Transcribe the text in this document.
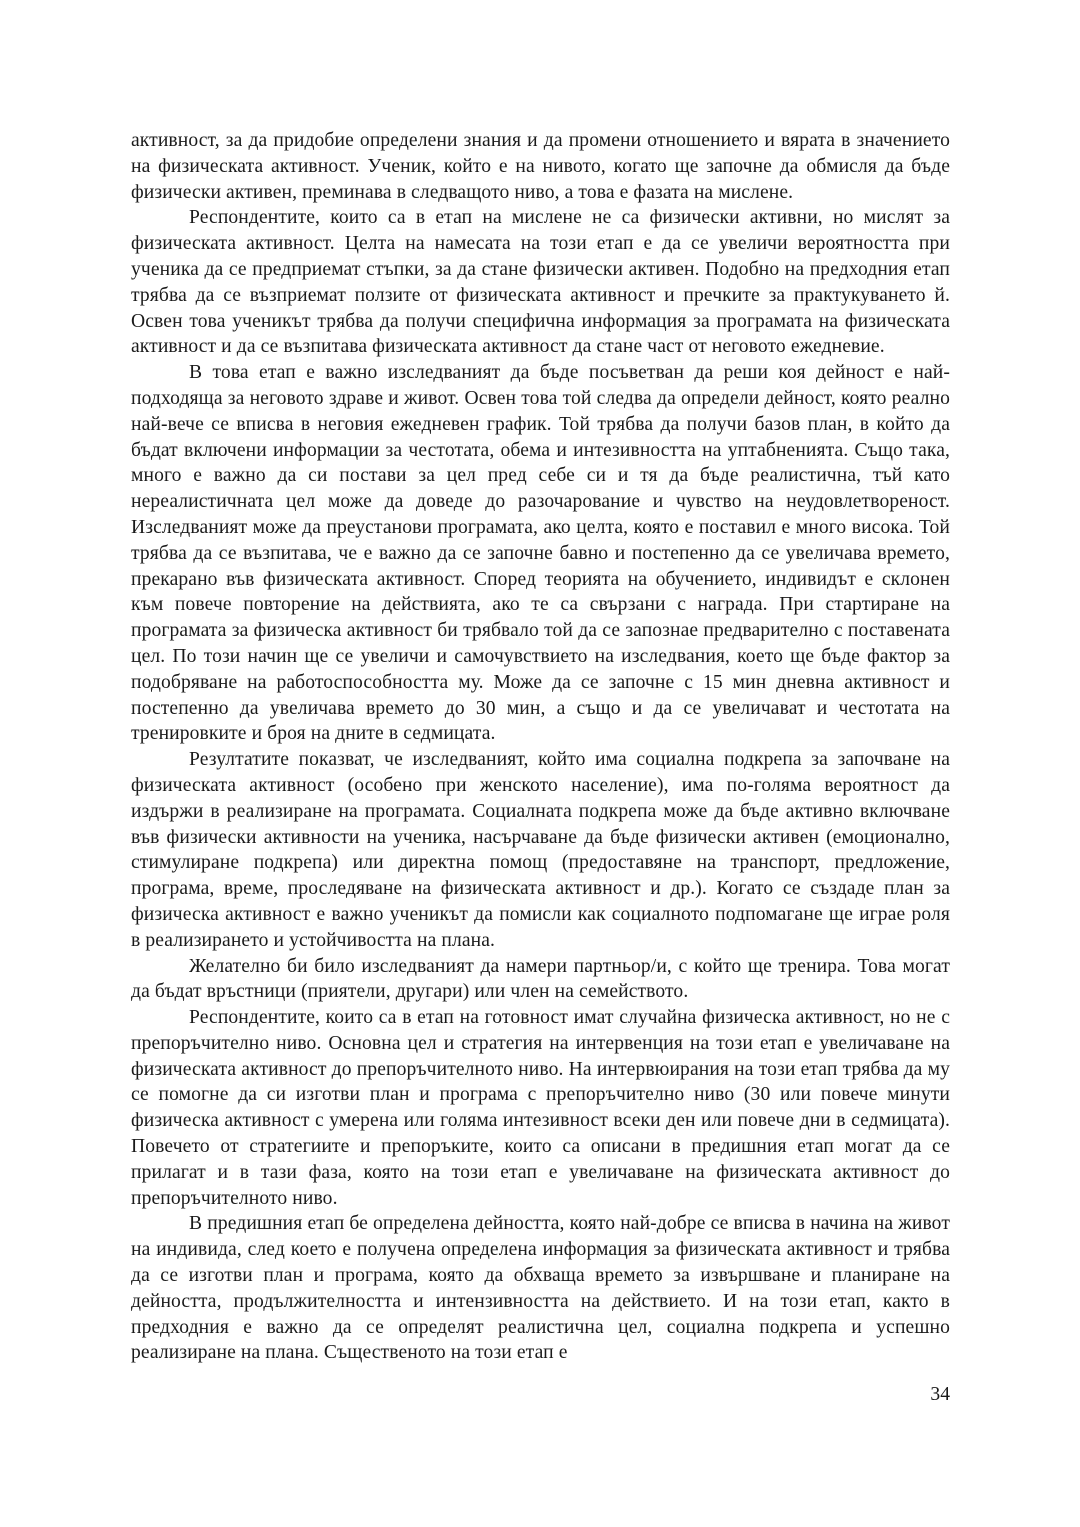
активност, за да придобие определени знания и да промени отношението и вярата в значението на физическата активност. Ученик, който е на нивото, когато ще започне да обмисля да бъде физически активен, преминава в следващото ниво, а това е фазата на мислене.

Респондентите, които са в етап на мислене не са физически активни, но мислят за физическата активност. Целта на намесата на този етап е да се увеличи вероятността при ученика да се предприемат стъпки, за да стане физически активен. Подобно на предходния етап трябва да се възприемат ползите от физическата активност и пречките за практукуването й. Освен това ученикът трябва да получи специфична информация за програмата на физическата активност и да се възпитава физическата активност да стане част от неговото ежедневие.

В това етап е важно изследваният да бъде посъветван да реши коя дейност е най-подходяща за неговото здраве и живот. Освен това той следва да определи дейност, която реално най-вече се вписва в неговия ежедневен график. Той трябва да получи базов план, в който да бъдат включени информации за честотата, обема и интезивността на уптабненията. Също така, много е важно да си постави за цел пред себе си и тя да бъде реалистична, тъй като нереалистичната цел може да доведе до разочарование и чувство на неудовлетвореност. Изследваният може да преустанови програмата, ако целта, която е поставил е много висока. Той трябва да се възпитава, че е важно да се започне бавно и постепенно да се увеличава времето, прекарано във физическата активност. Според теорията на обучението, индивидът е склонен към повече повторение на действията, ако те са свързани с награда. При стартиране на програмата за физическа активност би трябвало той да се запознае предварително с поставената цел. По този начин ще се увеличи и самочувствието на изследвания, което ще бъде фактор за подобряване на работоспособността му. Може да се започне с 15 мин дневна активност и постепенно да увеличава времето до 30 мин, а също и да се увеличават и честотата на тренировките и броя на дните в седмицата.

Резултатите показват, че изследваният, който има социална подкрепа за започване на физическата активност (особено при женското население), има по-голяма вероятност да издържи в реализиране на програмата. Социалната подкрепа може да бъде активно включване във физически активности на ученика, насърчаване да бъде физически активен (емоционално, стимулиране подкрепа) или директна помощ (предоставяне на транспорт, предложение, програма, време, проследяване на физическата активност и др.). Когато се създаде план за физическа активност е важно ученикът да помисли как социалното подпомагане ще играе роля в реализирането и устойчивостта на плана.

Желателно би било изследваният да намери партньор/и, с който ще тренира. Това могат да бъдат връстници (приятели, другари) или член на семейството.

Респондентите, които са в етап на готовност имат случайна физическа активност, но не с препоръчително ниво. Основна цел и стратегия на интервенция на този етап е увеличаване на физическата активност до препоръчителното ниво. На интервюирания на този етап трябва да му се помогне да си изготви план и програма с препоръчително ниво (30 или повече минути физическа активност с умерена или голяма интезивност всеки ден или повече дни в седмицата). Повечето от стратегиите и препоръките, които са описани в предишния етап могат да се прилагат и в тази фаза, която на този етап е увеличаване на физическата активност до препоръчителното ниво.

В предишния етап бе определена дейността, която най-добре се вписва в начина на живот на индивида, след което е получена определена информация за физическата активност и трябва да се изготви план и програма, която да обхваща времето за извършване и планиране на дейността, продължителността и интензивността на действието. И на този етап, както в предходния е важно да се определят реалистична цел, социална подкрепа и успешно реализиране на плана. Същественото на този етап е

34
